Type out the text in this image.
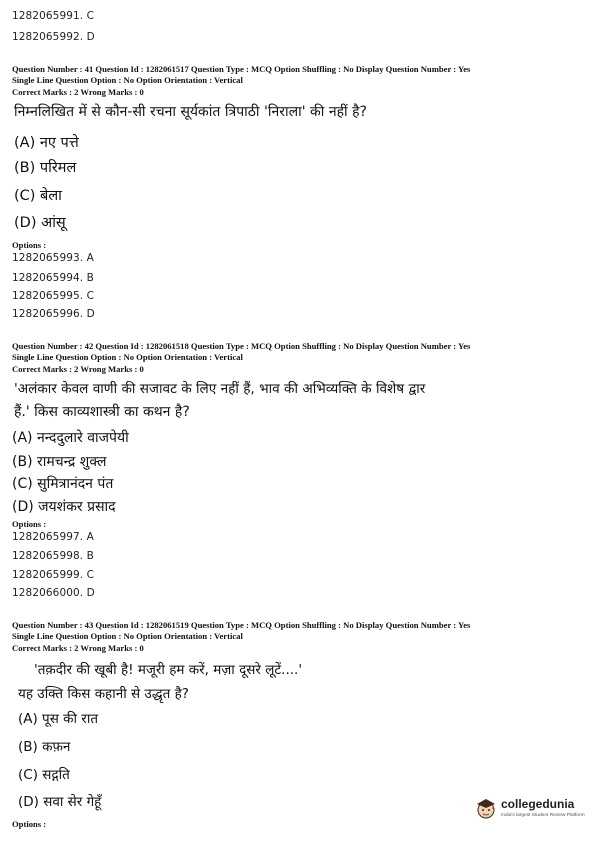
1282065991. C
1282065992. D
Question Number : 41 Question Id : 1282061517 Question Type : MCQ Option Shuffling : No Display Question Number : Yes
Single Line Question Option : No Option Orientation : Vertical
Correct Marks : 2 Wrong Marks : 0
निम्नलिखित में से कौन-सी रचना सूर्यकांत त्रिपाठी 'निराला' की नहीं है?
(A) नए पत्ते
(B) परिमल
(C) बेला
(D) आंसू
Options :
1282065993. A
1282065994. B
1282065995. C
1282065996. D
Question Number : 42 Question Id : 1282061518 Question Type : MCQ Option Shuffling : No Display Question Number : Yes
Single Line Question Option : No Option Orientation : Vertical
Correct Marks : 2 Wrong Marks : 0
'अलंकार केवल वाणी की सजावट के लिए नहीं हैं, भाव की अभिव्यक्ति के विशेष द्वार
हैं.' किस काव्यशास्त्री का कथन है?
(A) नन्ददुलारे वाजपेयी
(B) रामचन्द्र शुक्ल
(C) सुमित्रानंदन पंत
(D) जयशंकर प्रसाद
Options :
1282065997. A
1282065998. B
1282065999. C
1282066000. D
Question Number : 43 Question Id : 1282061519 Question Type : MCQ Option Shuffling : No Display Question Number : Yes
Single Line Question Option : No Option Orientation : Vertical
Correct Marks : 2 Wrong Marks : 0
'तक़दीर की खूबी है! मजूरी हम करें, मज़ा दूसरे लूटें....'
यह उक्ति किस कहानी से उद्धृत है?
(A) पूस की रात
(B) कफ़न
(C) सद्गति
(D) सवा सेर गेहूँ
Options :
collegedunia
India's largest Student Review Platform
